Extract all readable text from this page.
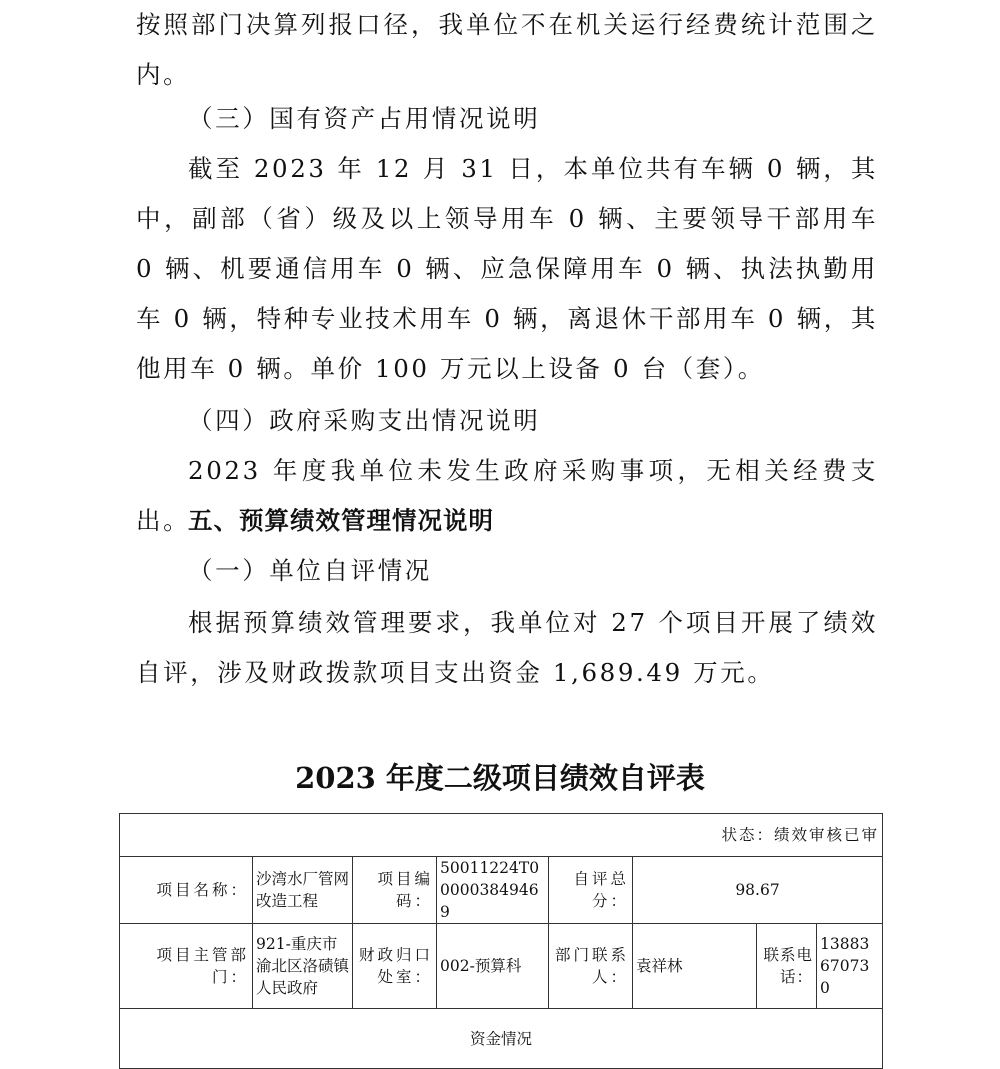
按照部门决算列报口径，我单位不在机关运行经费统计范围之内。

（三）国有资产占用情况说明

截至 2023 年 12 月 31 日，本单位共有车辆 0 辆，其中，副部（省）级及以上领导用车 0 辆、主要领导干部用车 0 辆、机要通信用车 0 辆、应急保障用车 0 辆、执法执勤用车 0 辆，特种专业技术用车 0 辆，离退休干部用车 0 辆，其他用车 0 辆。单价 100 万元以上设备 0 台（套）。

（四）政府采购支出情况说明

2023 年度我单位未发生政府采购事项，无相关经费支出。

五、预算绩效管理情况说明

（一）单位自评情况

根据预算绩效管理要求，我单位对 27 个项目开展了绩效自评，涉及财政拨款项目支出资金 1,689.49 万元。

2023 年度二级项目绩效自评表

状态：绩效审核已审							
项目名称：	沙湾水厂管网改造工程	项目编码：	50011224T000003849469	自评总分：	98.67		
项目主管部门：	921-重庆市渝北区洛碛镇人民政府	财政归口处室：	002-预算科	部门联系人：	袁祥林	联系电话：	13883670730
资金情况							
